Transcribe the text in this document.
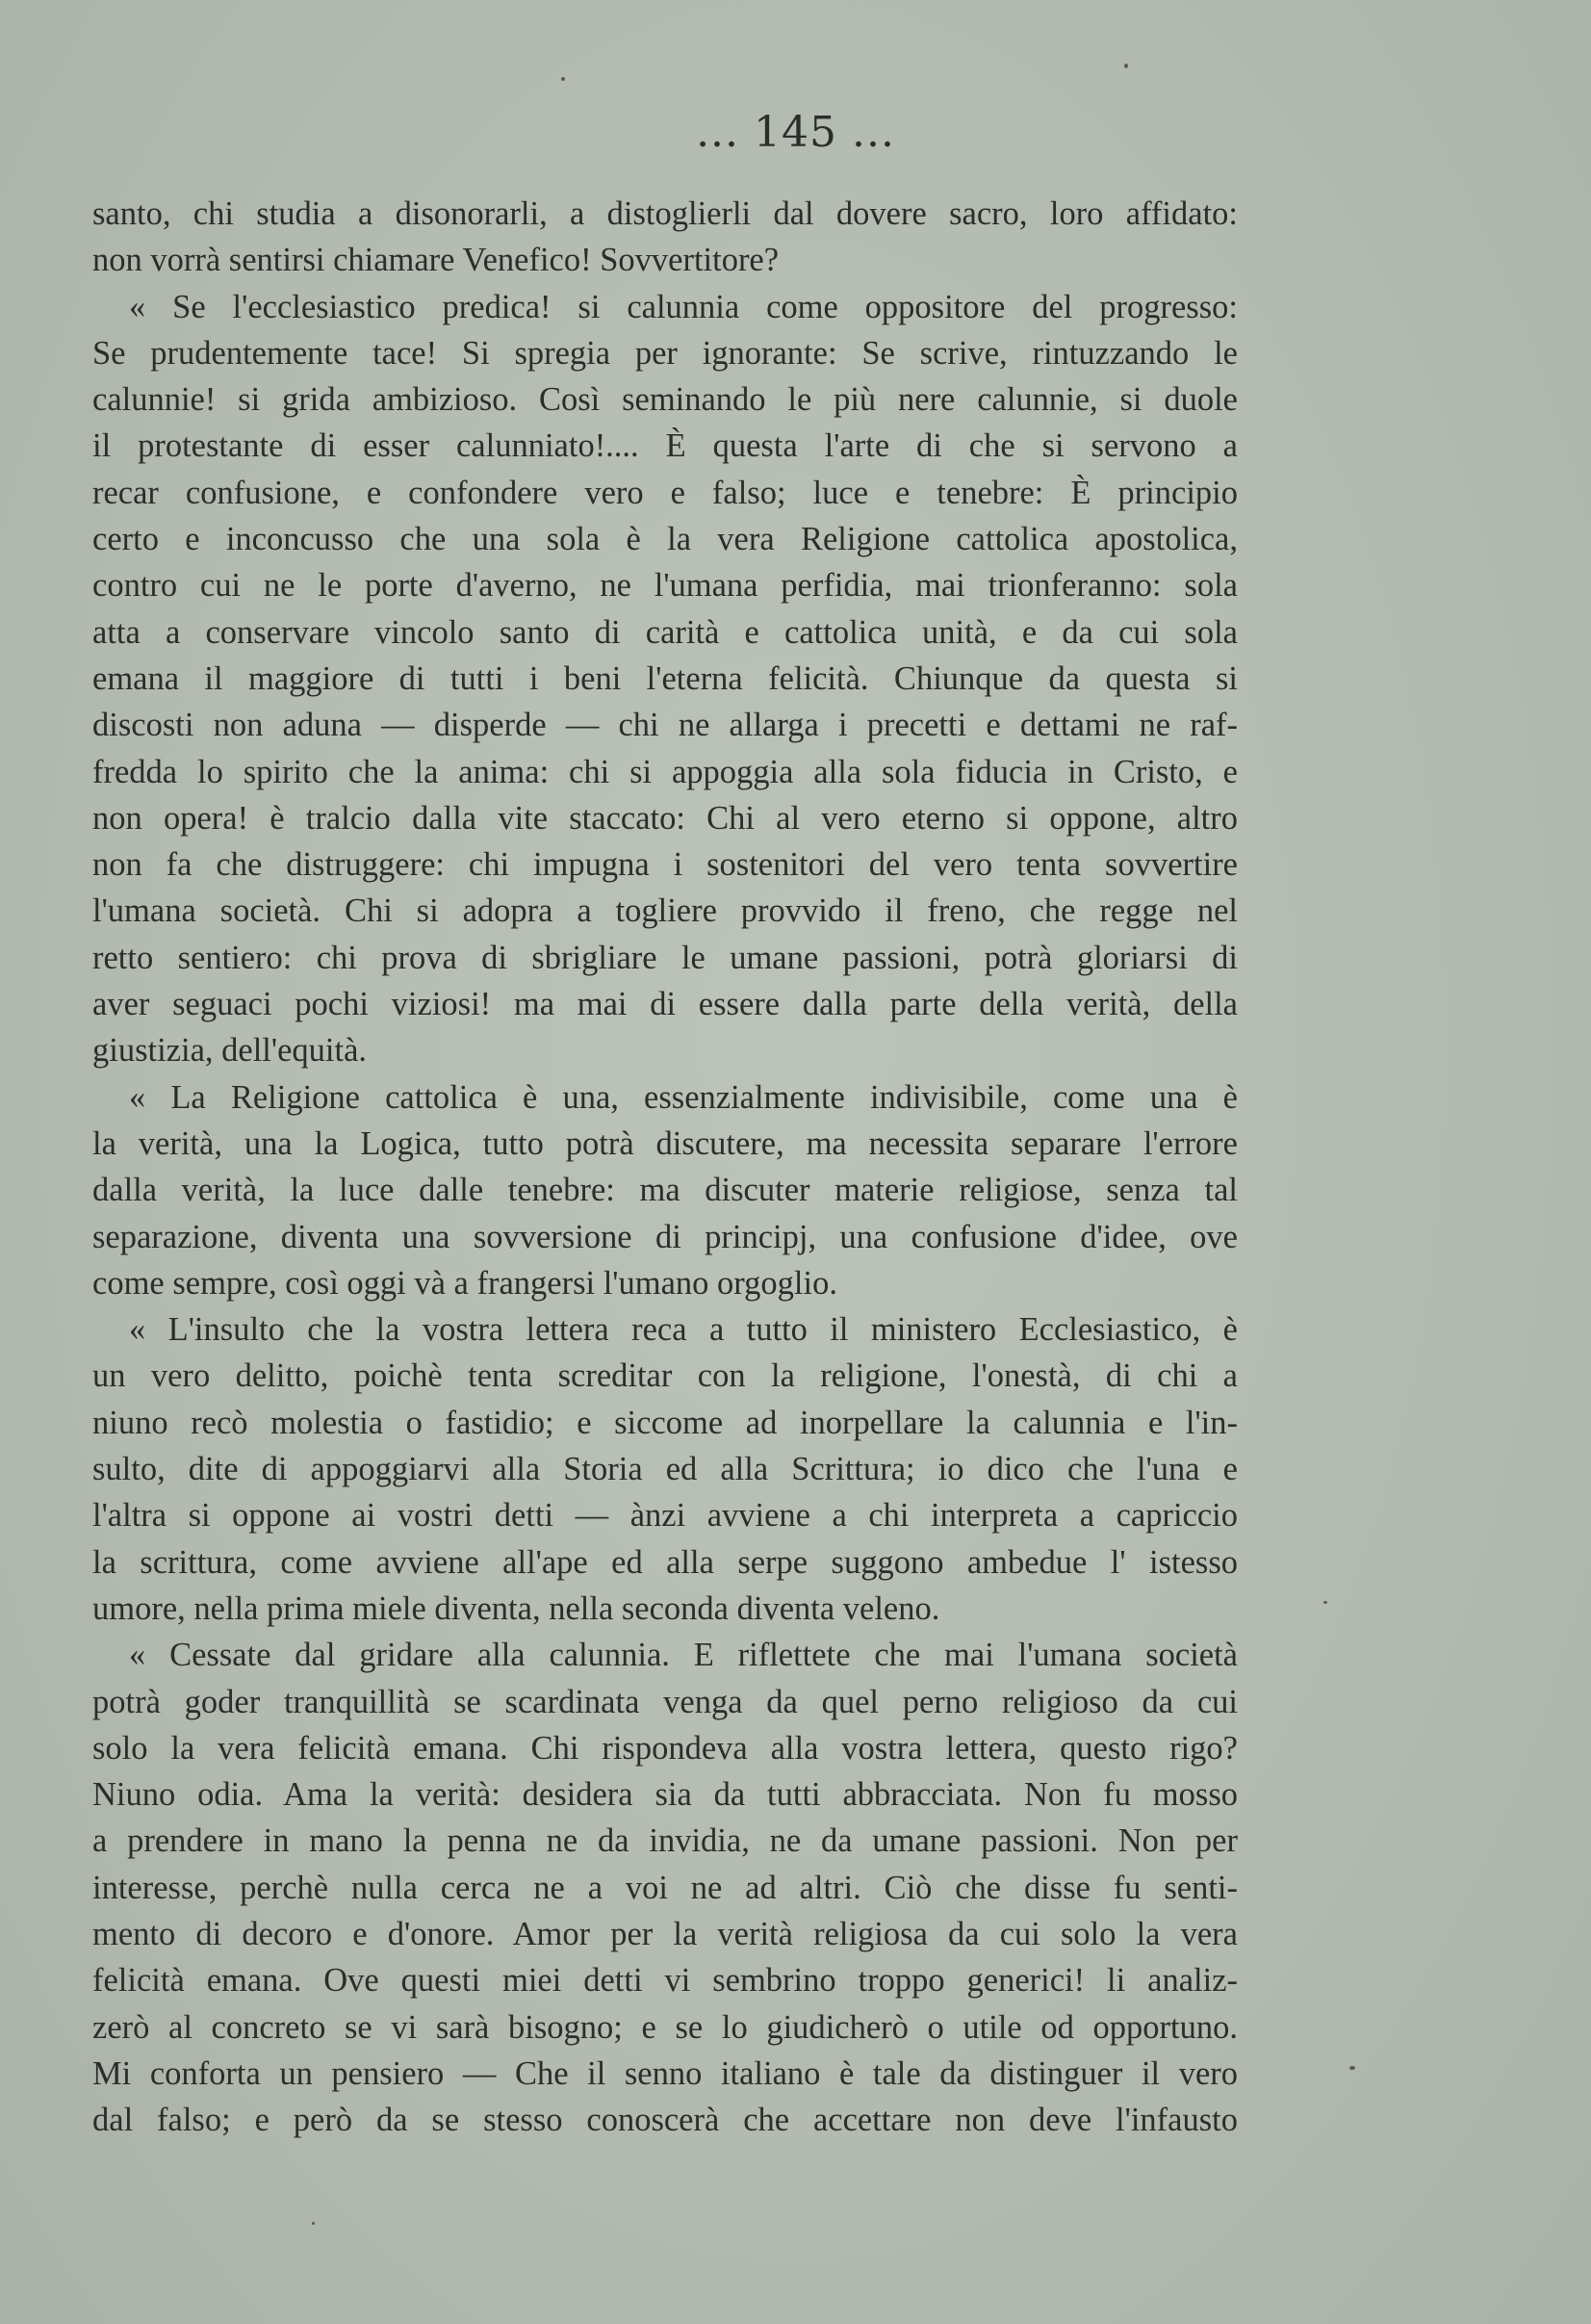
... 145 ...
santo, chi studia a disonorarli, a distoglierli dal dovere sacro, loro affidato:
non vorrà sentirsi chiamare Venefico! Sovvertitore?
« Se l'ecclesiastico predica! si calunnia come oppositore del progresso:
Se prudentemente tace! Si spregia per ignorante: Se scrive, rintuzzando le
calunnie! si grida ambizioso. Così seminando le più nere calunnie, si duole
il protestante di esser calunniato!.... È questa l'arte di che si servono a
recar confusione, e confondere vero e falso; luce e tenebre: È principio
certo e inconcusso che una sola è la vera Religione cattolica apostolica,
contro cui ne le porte d'averno, ne l'umana perfidia, mai trionferanno: sola
atta a conservare vincolo santo di carità e cattolica unità, e da cui sola
emana il maggiore di tutti i beni l'eterna felicità. Chiunque da questa si
discosti non aduna — disperde — chi ne allarga i precetti e dettami ne raf-
fredda lo spirito che la anima: chi si appoggia alla sola fiducia in Cristo, e
non opera! è tralcio dalla vite staccato: Chi al vero eterno si oppone, altro
non fa che distruggere: chi impugna i sostenitori del vero tenta sovvertire
l'umana società. Chi si adopra a togliere provvido il freno, che regge nel
retto sentiero: chi prova di sbrigliare le umane passioni, potrà gloriarsi di
aver seguaci pochi viziosi! ma mai di essere dalla parte della verità, della
giustizia, dell'equità.
« La Religione cattolica è una, essenzialmente indivisibile, come una è
la verità, una la Logica, tutto potrà discutere, ma necessita separare l'errore
dalla verità, la luce dalle tenebre: ma discuter materie religiose, senza tal
separazione, diventa una sovversione di principj, una confusione d'idee, ove
come sempre, così oggi và a frangersi l'umano orgoglio.
« L'insulto che la vostra lettera reca a tutto il ministero Ecclesiastico, è
un vero delitto, poichè tenta screditar con la religione, l'onestà, di chi a
niuno recò molestia o fastidio; e siccome ad inorpellare la calunnia e l'in-
sulto, dite di appoggiarvi alla Storia ed alla Scrittura; io dico che l'una e
l'altra si oppone ai vostri detti — ànzi avviene a chi interpreta a capriccio
la scrittura, come avviene all'ape ed alla serpe suggono ambedue l' istesso
umore, nella prima miele diventa, nella seconda diventa veleno.
« Cessate dal gridare alla calunnia. E riflettete che mai l'umana società
potrà goder tranquillità se scardinata venga da quel perno religioso da cui
solo la vera felicità emana. Chi rispondeva alla vostra lettera, questo rigo?
Niuno odia. Ama la verità: desidera sia da tutti abbracciata. Non fu mosso
a prendere in mano la penna ne da invidia, ne da umane passioni. Non per
interesse, perchè nulla cerca ne a voi ne ad altri. Ciò che disse fu senti-
mento di decoro e d'onore. Amor per la verità religiosa da cui solo la vera
felicità emana. Ove questi miei detti vi sembrino troppo generici! li analiz-
zerò al concreto se vi sarà bisogno; e se lo giudicherò o utile od opportuno.
Mi conforta un pensiero — Che il senno italiano è tale da distinguer il vero
dal falso; e però da se stesso conoscerà che accettare non deve l'infausto
